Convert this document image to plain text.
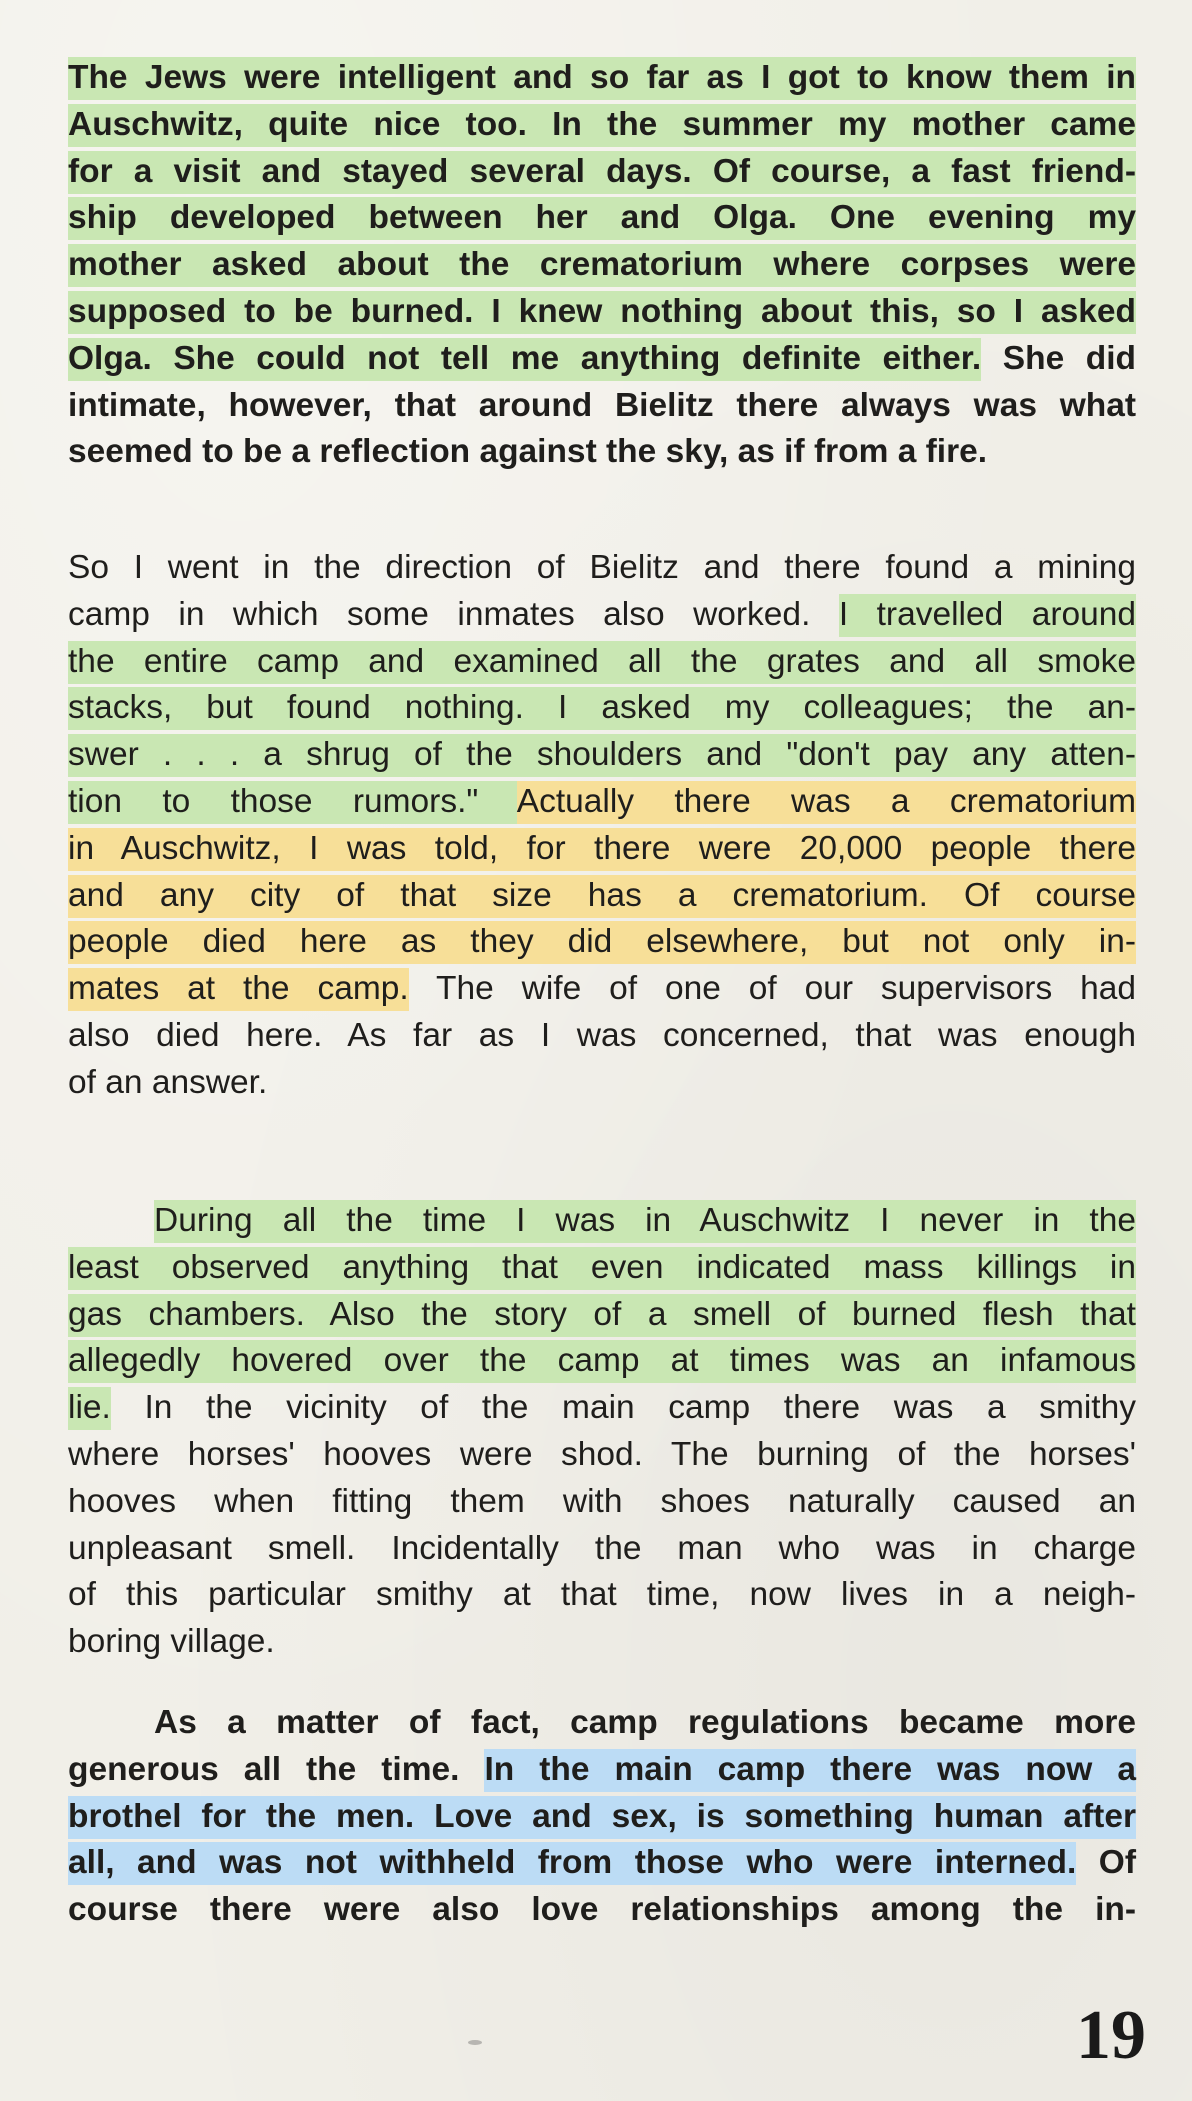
The Jews were intelligent and so far as I got to know them in
Auschwitz, quite nice too. In the summer my mother came
for a visit and stayed several days. Of course, a fast friend-
ship developed between her and Olga. One evening my
mother asked about the crematorium where corpses were
supposed to be burned. I knew nothing about this, so I asked
Olga. She could not tell me anything definite either. She did
intimate, however, that around Bielitz there always was what
seemed to be a reflection against the sky, as if from a fire.
So I went in the direction of Bielitz and there found a mining
camp in which some inmates also worked. I travelled around
the entire camp and examined all the grates and all smoke
stacks, but found nothing. I asked my colleagues; the an-
swer . . . a shrug of the shoulders and "don't pay any atten-
tion to those rumors." Actually there was a crematorium
in Auschwitz, I was told, for there were 20,000 people there
and any city of that size has a crematorium. Of course
people died here as they did elsewhere, but not only in-
mates at the camp. The wife of one of our supervisors had
also died here. As far as I was concerned, that was enough
of an answer.
During all the time I was in Auschwitz I never in the
least observed anything that even indicated mass killings in
gas chambers. Also the story of a smell of burned flesh that
allegedly hovered over the camp at times was an infamous
lie. In the vicinity of the main camp there was a smithy
where horses' hooves were shod. The burning of the horses'
hooves when fitting them with shoes naturally caused an
unpleasant smell. Incidentally the man who was in charge
of this particular smithy at that time, now lives in a neigh-
boring village.
As a matter of fact, camp regulations became more
generous all the time. In the main camp there was now a
brothel for the men. Love and sex, is something human after
all, and was not withheld from those who were interned. Of
course there were also love relationships among the in-
19
